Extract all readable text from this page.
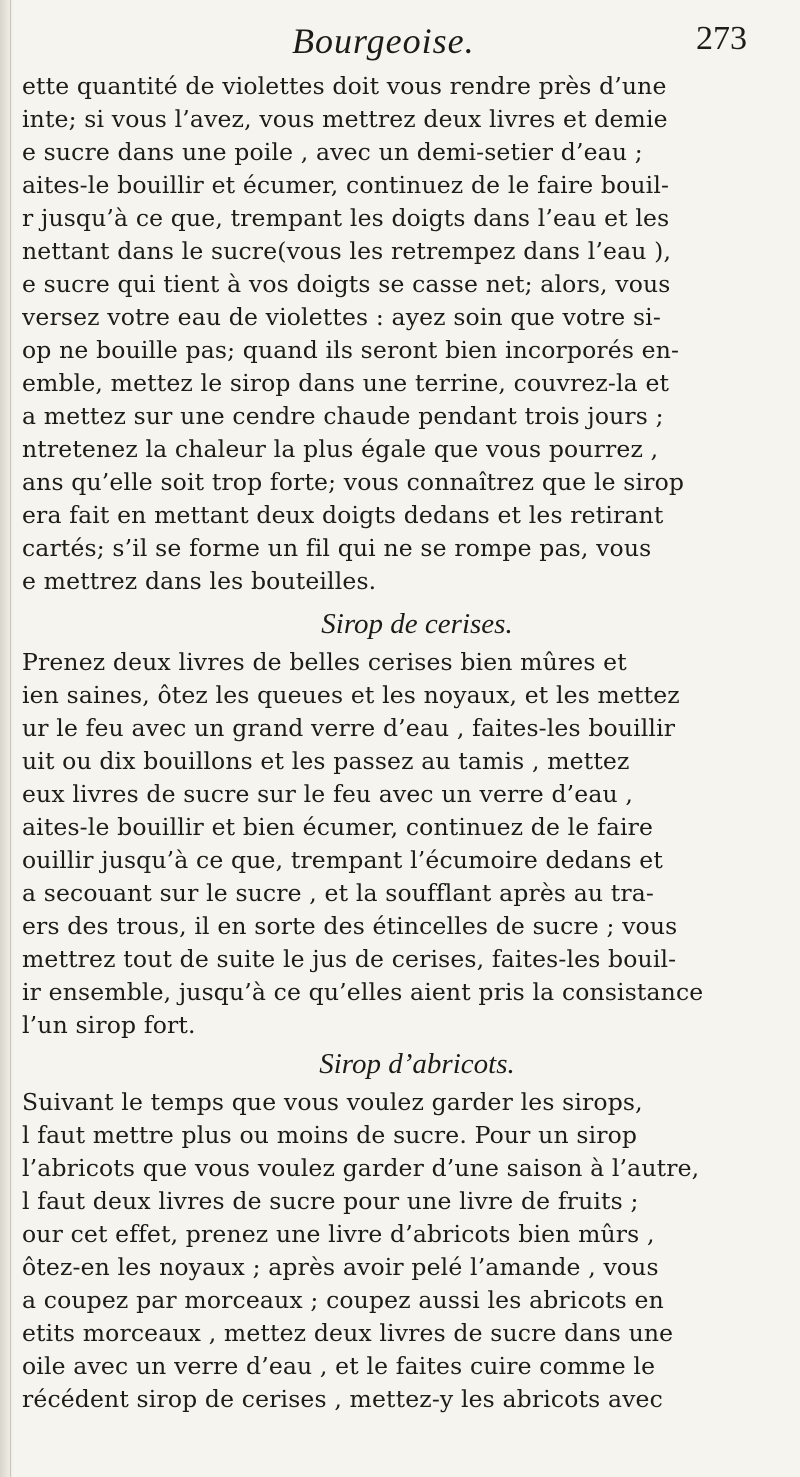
Bourgeoise.	273
ette quantité de violettes doit vous rendre près d’une
inte; si vous l’avez, vous mettrez deux livres et demie
e sucre dans une poile , avec un demi-setier d’eau ;
aites-le bouillir et écumer, continuez de le faire bouil-
r jusqu’à ce que, trempant les doigts dans l’eau et les
nettant dans le sucre(vous les retrempez dans l’eau ),
e sucre qui tient à vos doigts se casse net; alors, vous
versez votre eau de violettes : ayez soin que votre si-
op ne bouille pas; quand ils seront bien incorporés en-
emble, mettez le sirop dans une terrine, couvrez-la et
a mettez sur une cendre chaude pendant trois jours ;
ntretenez la chaleur la plus égale que vous pourrez ,
ans qu’elle soit trop forte; vous connaîtrez que le sirop
era fait en mettant deux doigts dedans et les retirant
cartés; s’il se forme un fil qui ne se rompe pas, vous
e mettrez dans les bouteilles.
Sirop de cerises.
Prenez deux livres de belles cerises bien mûres et
ien saines, ôtez les queues et les noyaux, et les mettez
ur le feu avec un grand verre d’eau , faites-les bouillir
uit ou dix bouillons et les passez au tamis , mettez
eux livres de sucre sur le feu avec un verre d’eau ,
aites-le bouillir et bien écumer, continuez de le faire
ouillir jusqu’à ce que, trempant l’écumoire dedans et
a secouant sur le sucre , et la soufflant après au tra-
ers des trous, il en sorte des étincelles de sucre ; vous
mettrez tout de suite le jus de cerises, faites-les bouil-
ir ensemble, jusqu’à ce qu’elles aient pris la consistance
l’un sirop fort.
Sirop d’abricots.
Suivant le temps que vous voulez garder les sirops,
l faut mettre plus ou moins de sucre. Pour un sirop
l’abricots que vous voulez garder d’une saison à l’autre,
l faut deux livres de sucre pour une livre de fruits ;
our cet effet, prenez une livre d’abricots bien mûrs ,
ôtez-en les noyaux ; après avoir pelé l’amande , vous
a coupez par morceaux ; coupez aussi les abricots en
etits morceaux , mettez deux livres de sucre dans une
oile avec un verre d’eau , et le faites cuire comme le
récédent sirop de cerises , mettez-y les abricots avec
